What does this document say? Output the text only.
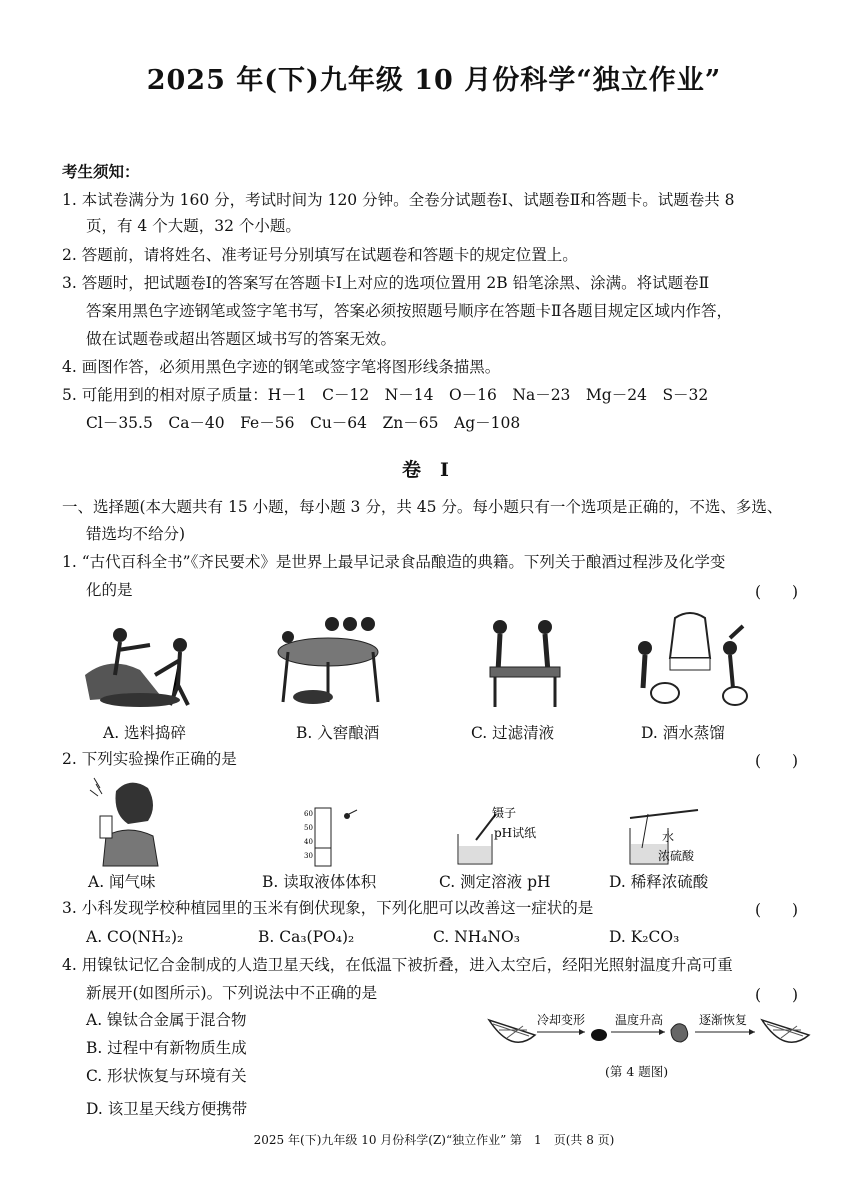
2025 年(下)九年级 10 月份科学“独立作业”
考生须知：
1. 本试卷满分为 160 分，考试时间为 120 分钟。全卷分试题卷Ⅰ、试题卷Ⅱ和答题卡。试题卷共 8
页，有 4 个大题，32 个小题。
2. 答题前，请将姓名、准考证号分别填写在试题卷和答题卡的规定位置上。
3. 答题时，把试题卷Ⅰ的答案写在答题卡Ⅰ上对应的选项位置用 2B 铅笔涂黑、涂满。将试题卷Ⅱ
答案用黑色字迹钢笔或签字笔书写，答案必须按照题号顺序在答题卡Ⅱ各题目规定区域内作答，
做在试题卷或超出答题区域书写的答案无效。
4. 画图作答，必须用黑色字迹的钢笔或签字笔将图形线条描黑。
5. 可能用到的相对原子质量：H－1　C－12　N－14　O－16　Na－23　Mg－24　S－32
Cl－35.5　Ca－40　Fe－56　Cu－64　Zn－65　Ag－108
卷　Ⅰ
一、选择题(本大题共有 15 小题，每小题 3 分，共 45 分。每小题只有一个选项是正确的，不选、多选、
错选均不给分)
1. “古代百科全书”《齐民要术》是世界上最早记录食品酿造的典籍。下列关于酿酒过程涉及化学变
化的是	(　　)
A. 选料捣碎	B. 入窖酿酒	C. 过滤清液	D. 酒水蒸馏
2. 下列实验操作正确的是	(　　)
60
50
40
30
镊子
pH试纸	水
浓硫酸
A. 闻气味	B. 读取液体体积	C. 测定溶液 pH	D. 稀释浓硫酸
3. 小科发现学校种植园里的玉米有倒伏现象，下列化肥可以改善这一症状的是	(　　)
A. CO(NH₂)₂	B. Ca₃(PO₄)₂	C. NH₄NO₃	D. K₂CO₃
4. 用镍钛记忆合金制成的人造卫星天线，在低温下被折叠，进入太空后，经阳光照射温度升高可重
新展开(如图所示)。下列说法中不正确的是	(　　)
A. 镍钛合金属于混合物
B. 过程中有新物质生成
C. 形状恢复与环境有关
D. 该卫星天线方便携带
冷却变形 温度升高	逐渐恢复
(第 4 题图)
2025 年(下)九年级 10 月份科学(Z)“独立作业” 第　1　页(共 8 页)
